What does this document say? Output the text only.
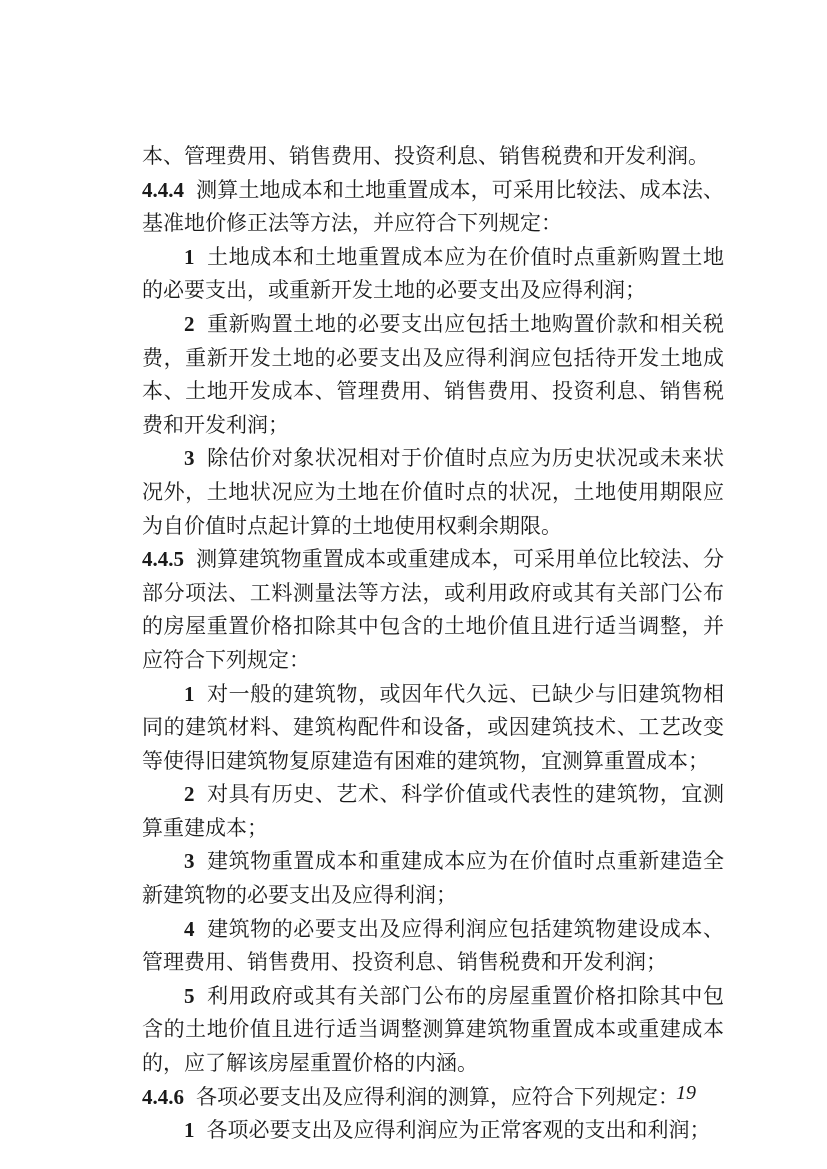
本、管理费用、销售费用、投资利息、销售税费和开发利润。

4.4.4 测算土地成本和土地重置成本，可采用比较法、成本法、基准地价修正法等方法，并应符合下列规定：

1 土地成本和土地重置成本应为在价值时点重新购置土地的必要支出，或重新开发土地的必要支出及应得利润；

2 重新购置土地的必要支出应包括土地购置价款和相关税费，重新开发土地的必要支出及应得利润应包括待开发土地成本、土地开发成本、管理费用、销售费用、投资利息、销售税费和开发利润；

3 除估价对象状况相对于价值时点应为历史状况或未来状况外，土地状况应为土地在价值时点的状况，土地使用期限应为自价值时点起计算的土地使用权剩余期限。

4.4.5 测算建筑物重置成本或重建成本，可采用单位比较法、分部分项法、工料测量法等方法，或利用政府或其有关部门公布的房屋重置价格扣除其中包含的土地价值且进行适当调整，并应符合下列规定：

1 对一般的建筑物，或因年代久远、已缺少与旧建筑物相同的建筑材料、建筑构配件和设备，或因建筑技术、工艺改变等使得旧建筑物复原建造有困难的建筑物，宜测算重置成本；

2 对具有历史、艺术、科学价值或代表性的建筑物，宜测算重建成本；

3 建筑物重置成本和重建成本应为在价值时点重新建造全新建筑物的必要支出及应得利润；

4 建筑物的必要支出及应得利润应包括建筑物建设成本、管理费用、销售费用、投资利息、销售税费和开发利润；

5 利用政府或其有关部门公布的房屋重置价格扣除其中包含的土地价值且进行适当调整测算建筑物重置成本或重建成本的，应了解该房屋重置价格的内涵。

4.4.6 各项必要支出及应得利润的测算，应符合下列规定：

1 各项必要支出及应得利润应为正常客观的支出和利润；

19
